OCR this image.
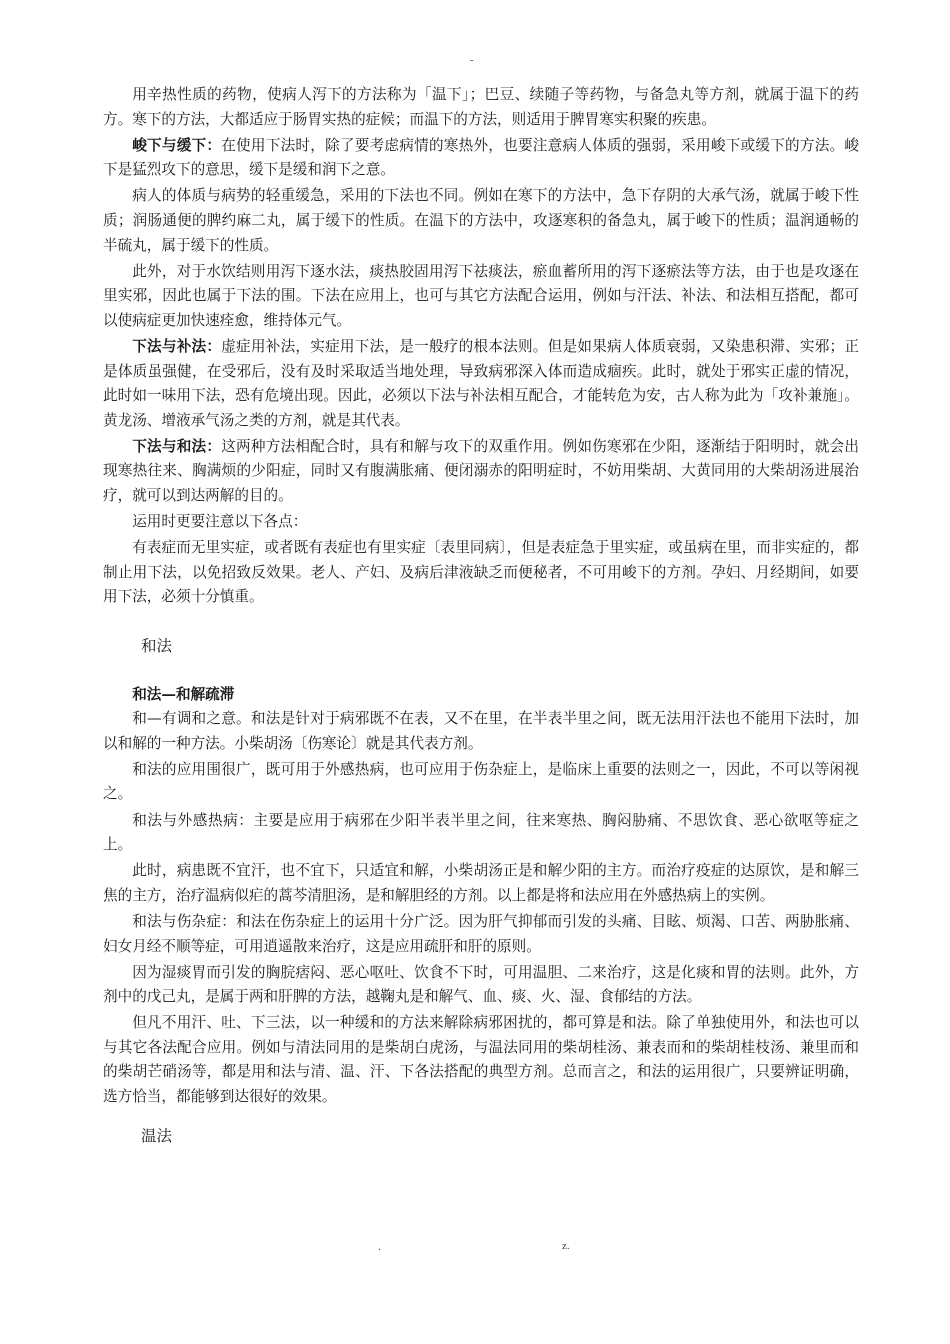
-

用辛热性质的药物，使病人泻下的方法称为「温下」；巴豆、续随子等药物，与备急丸等方剂，就属于温下的药方。寒下的方法，大都适应于肠胃实热的症候；而温下的方法，则适用于脾胃寒实积聚的疾患。

峻下与缓下：在使用下法时，除了要考虑病情的寒热外，也要注意病人体质的强弱，采用峻下或缓下的方法。峻下是猛烈攻下的意思，缓下是缓和润下之意。

病人的体质与病势的轻重缓急，采用的下法也不同。例如在寒下的方法中，急下存阴的大承气汤，就属于峻下性质；润肠通便的脾约麻二丸，属于缓下的性质。在温下的方法中，攻逐寒积的备急丸，属于峻下的性质；温润通畅的半硫丸，属于缓下的性质。

此外，对于水饮结则用泻下逐水法，痰热胶固用泻下祛痰法，瘀血蓄所用的泻下逐瘀法等方法，由于也是攻逐在里实邪，因此也属于下法的围。下法在应用上，也可与其它方法配合运用，例如与汗法、补法、和法相互搭配，都可以使病症更加快速痊愈，维持体元气。

下法与补法：虚症用补法，实症用下法，是一般疗的根本法则。但是如果病人体质衰弱，又染患积滞、实邪；正是体质虽强健，在受邪后，没有及时采取适当地处理，导致病邪深入体而造成痼疾。此时，就处于邪实正虚的情况，此时如一味用下法，恐有危境出现。因此，必须以下法与补法相互配合，才能转危为安，古人称为此为「攻补兼施」。黄龙汤、增液承气汤之类的方剂，就是其代表。

下法与和法：这两种方法相配合时，具有和解与攻下的双重作用。例如伤寒邪在少阳，逐渐结于阳明时，就会出现寒热往来、胸满烦的少阳症，同时又有腹满胀痛、便闭溺赤的阳明症时，不妨用柴胡、大黄同用的大柴胡汤进展治疗，就可以到达两解的目的。

运用时更要注意以下各点：

有表症而无里实症，或者既有表症也有里实症〔表里同病〕，但是表症急于里实症，或虽病在里，而非实症的，都制止用下法，以免招致反效果。老人、产妇、及病后津液缺乏而便秘者，不可用峻下的方剂。孕妇、月经期间，如要用下法，必须十分慎重。

和法

和法—和解疏滞

和—有调和之意。和法是针对于病邪既不在表，又不在里，在半表半里之间，既无法用汗法也不能用下法时，加以和解的一种方法。小柴胡汤〔伤寒论〕就是其代表方剂。

和法的应用围很广，既可用于外感热病，也可应用于伤杂症上，是临床上重要的法则之一，因此，不可以等闲视之。

和法与外感热病：主要是应用于病邪在少阳半表半里之间，往来寒热、胸闷胁痛、不思饮食、恶心欲呕等症之上。

此时，病患既不宜汗，也不宜下，只适宜和解，小柴胡汤正是和解少阳的主方。而治疗疫症的达原饮，是和解三焦的主方，治疗温病似疟的蒿芩清胆汤，是和解胆经的方剂。以上都是将和法应用在外感热病上的实例。

和法与伤杂症：和法在伤杂症上的运用十分广泛。因为肝气抑郁而引发的头痛、目眩、烦渴、口苦、两胁胀痛、妇女月经不顺等症，可用逍遥散来治疗，这是应用疏肝和肝的原则。

因为湿痰胃而引发的胸脘痞闷、恶心呕吐、饮食不下时，可用温胆、二来治疗，这是化痰和胃的法则。此外，方剂中的戊己丸，是属于两和肝脾的方法，越鞠丸是和解气、血、痰、火、湿、食郁结的方法。

但凡不用汗、吐、下三法，以一种缓和的方法来解除病邪困扰的，都可算是和法。除了单独使用外，和法也可以与其它各法配合应用。例如与清法同用的是柴胡白虎汤，与温法同用的柴胡桂汤、兼表而和的柴胡桂枝汤、兼里而和的柴胡芒硝汤等，都是用和法与清、温、汗、下各法搭配的典型方剂。总而言之，和法的运用很广，只要辨证明确，选方恰当，都能够到达很好的效果。

温法

.	z.
